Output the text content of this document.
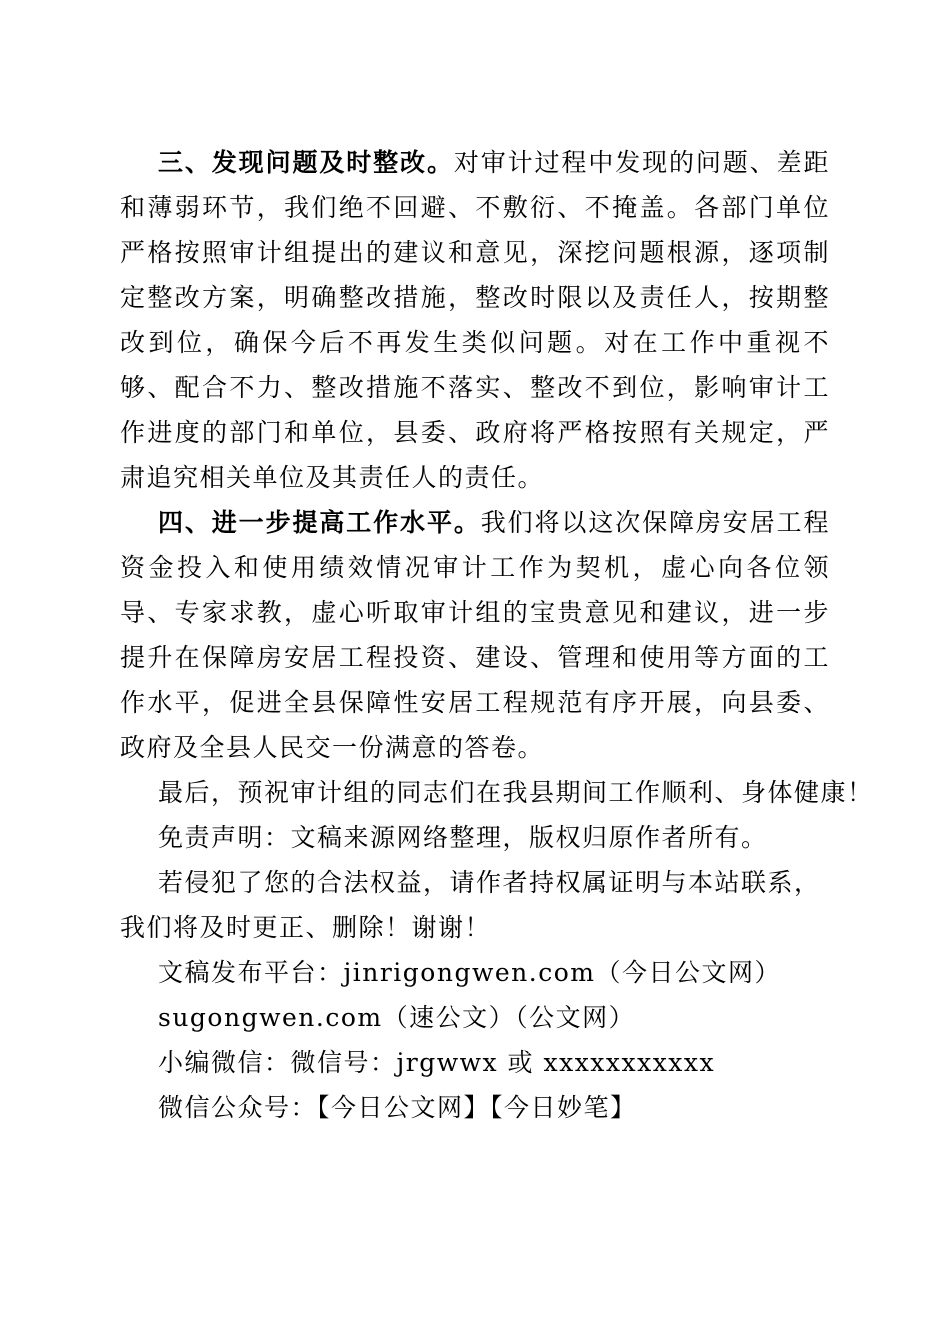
三、发现问题及时整改。对审计过程中发现的问题、差距和薄弱环节，我们绝不回避、不敷衍、不掩盖。各部门单位严格按照审计组提出的建议和意见，深挖问题根源，逐项制定整改方案，明确整改措施，整改时限以及责任人，按期整改到位，确保今后不再发生类似问题。对在工作中重视不够、配合不力、整改措施不落实、整改不到位，影响审计工作进度的部门和单位，县委、政府将严格按照有关规定，严肃追究相关单位及其责任人的责任。

四、进一步提高工作水平。我们将以这次保障房安居工程资金投入和使用绩效情况审计工作为契机，虚心向各位领导、专家求教，虚心听取审计组的宝贵意见和建议，进一步提升在保障房安居工程投资、建设、管理和使用等方面的工作水平，促进全县保障性安居工程规范有序开展，向县委、政府及全县人民交一份满意的答卷。

最后，预祝审计组的同志们在我县期间工作顺利、身体健康！

免责声明：文稿来源网络整理，版权归原作者所有。

若侵犯了您的合法权益，请作者持权属证明与本站联系，我们将及时更正、删除！谢谢！

文稿发布平台：jinrigongwen.com（今日公文网）

sugongwen.com（速公文）（公文网）

小编微信：微信号：jrgwwx 或 xxxxxxxxxxx

微信公众号：【今日公文网】【今日妙笔】
